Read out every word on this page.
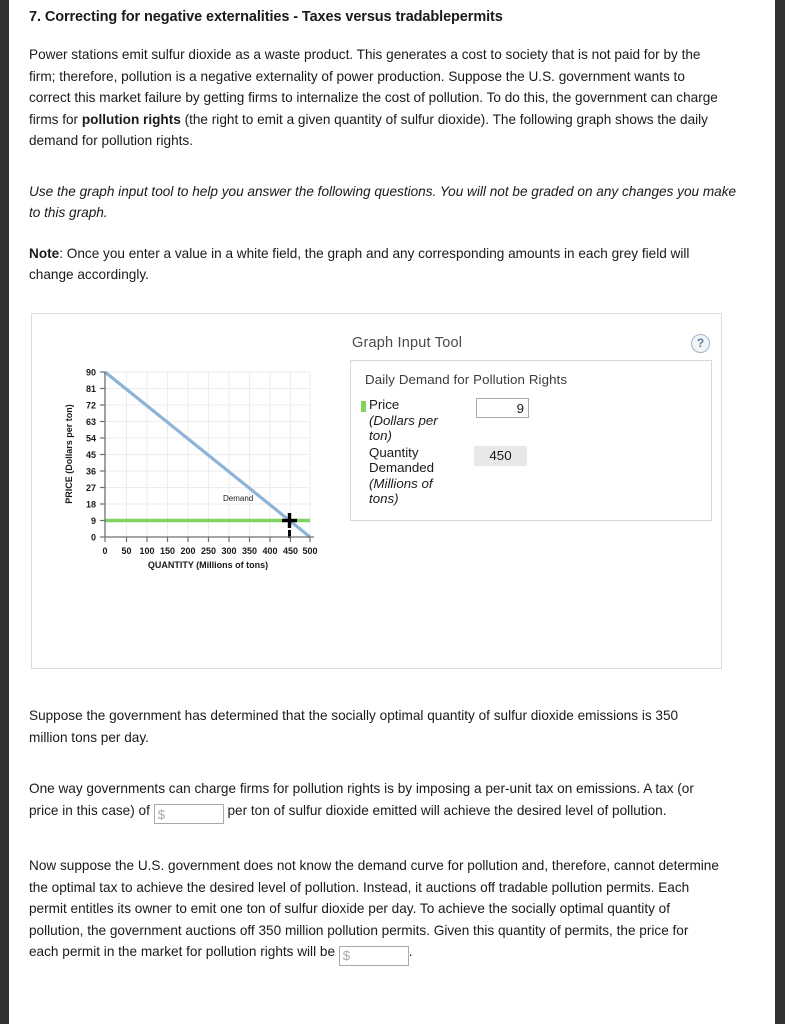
7. Correcting for negative externalities - Taxes versus tradablepermits

Power stations emit sulfur dioxide as a waste product. This generates a cost to society that is not paid for by the firm; therefore, pollution is a negative externality of power production. Suppose the U.S. government wants to correct this market failure by getting firms to internalize the cost of pollution. To do this, the government can charge firms for pollution rights (the right to emit a given quantity of sulfur dioxide). The following graph shows the daily demand for pollution rights.

Use the graph input tool to help you answer the following questions. You will not be graded on any changes you make to this graph.

Note: Once you enter a value in a white field, the graph and any corresponding amounts in each grey field will change accordingly.

Demand
90
81
72
63
54
45
36
27
18
9
0
0 50 100 150 200 250 300 350 400 450 500
QUANTITY (Millions of tons)
PRICE (Dollars per ton)
Graph Input Tool	?
Daily Demand for Pollution Rights
Price
(Dollars per ton)
9
Quantity Demanded
(Millions of tons)
450

Suppose the government has determined that the socially optimal quantity of sulfur dioxide emissions is 350 million tons per day.

One way governments can charge firms for pollution rights is by imposing a per-unit tax on emissions. A tax (or price in this case) of $	per ton of sulfur dioxide emitted will achieve the desired level of pollution.

Now suppose the U.S. government does not know the demand curve for pollution and, therefore, cannot determine the optimal tax to achieve the desired level of pollution. Instead, it auctions off tradable pollution permits. Each permit entitles its owner to emit one ton of sulfur dioxide per day. To achieve the socially optimal quantity of pollution, the government auctions off 350 million pollution permits. Given this quantity of permits, the price for each permit in the market for pollution rights will be $	.
